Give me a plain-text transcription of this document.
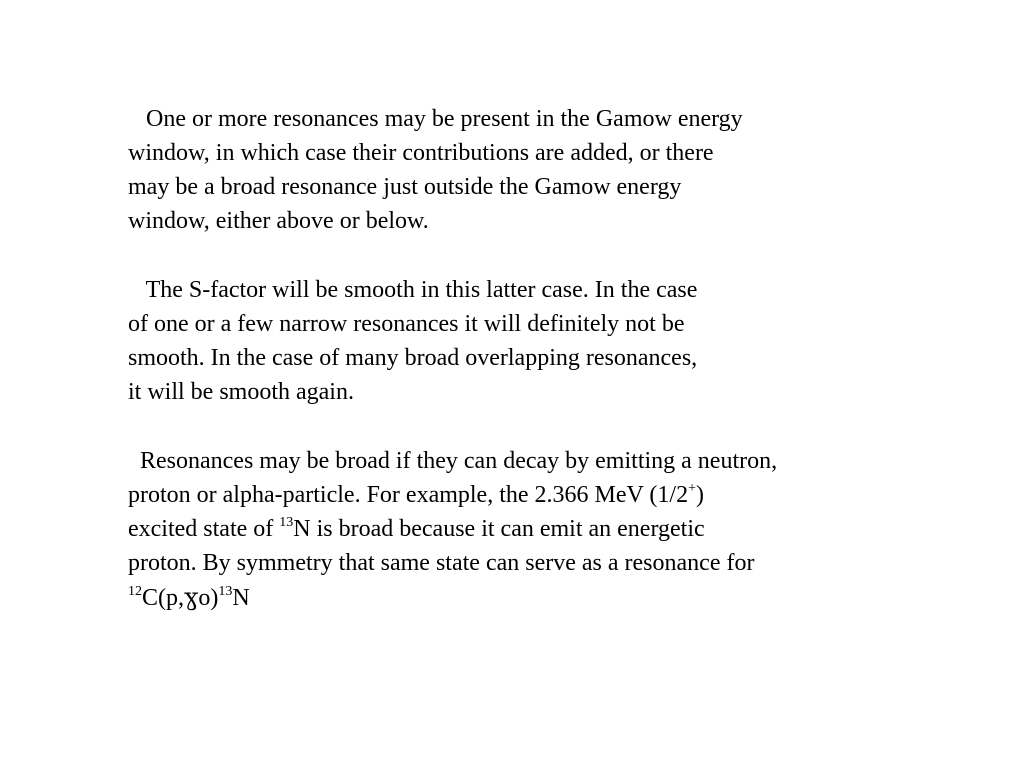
One or more resonances may be present in the Gamow energy
window, in which case their contributions are added, or there
may be a broad resonance just outside the Gamow energy
window, either above or below.

The S-factor will be smooth in this latter case. In the case
of one or a few narrow resonances it will definitely not be
smooth. In the case of many broad overlapping resonances,
it will be smooth again.

Resonances may be broad if they can decay by emitting a neutron,
proton or alpha-particle. For example, the 2.366 MeV (1/2+)
excited state of $^{13}$N is broad because it can emit an energetic
proton. By symmetry that same state can serve as a resonance for
$^{12}$C(p,ɣo)$^{13}$N
